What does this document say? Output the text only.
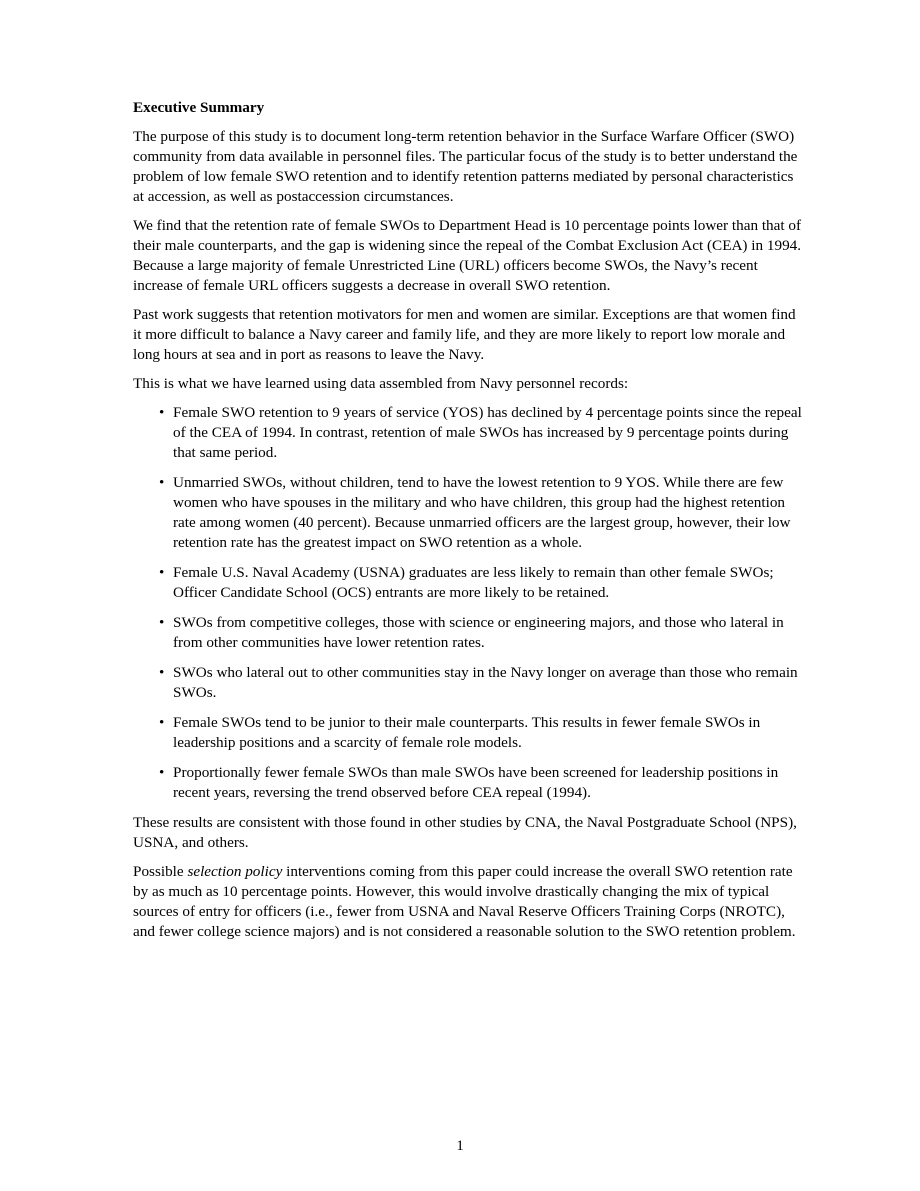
Executive Summary

The purpose of this study is to document long-term retention behavior in the Surface Warfare Officer (SWO) community from data available in personnel files. The particular focus of the study is to better understand the problem of low female SWO retention and to identify retention patterns mediated by personal characteristics at accession, as well as postaccession circumstances.

We find that the retention rate of female SWOs to Department Head is 10 percentage points lower than that of their male counterparts, and the gap is widening since the repeal of the Combat Exclusion Act (CEA) in 1994. Because a large majority of female Unrestricted Line (URL) officers become SWOs, the Navy’s recent increase of female URL officers suggests a decrease in overall SWO retention.

Past work suggests that retention motivators for men and women are similar. Exceptions are that women find it more difficult to balance a Navy career and family life, and they are more likely to report low morale and long hours at sea and in port as reasons to leave the Navy.

This is what we have learned using data assembled from Navy personnel records:

• Female SWO retention to 9 years of service (YOS) has declined by 4 percentage points since the repeal of the CEA of 1994. In contrast, retention of male SWOs has increased by 9 percentage points during that same period.
• Unmarried SWOs, without children, tend to have the lowest retention to 9 YOS. While there are few women who have spouses in the military and who have children, this group had the highest retention rate among women (40 percent). Because unmarried officers are the largest group, however, their low retention rate has the greatest impact on SWO retention as a whole.
• Female U.S. Naval Academy (USNA) graduates are less likely to remain than other female SWOs; Officer Candidate School (OCS) entrants are more likely to be retained.
• SWOs from competitive colleges, those with science or engineering majors, and those who lateral in from other communities have lower retention rates.
• SWOs who lateral out to other communities stay in the Navy longer on average than those who remain SWOs.
• Female SWOs tend to be junior to their male counterparts. This results in fewer female SWOs in leadership positions and a scarcity of female role models.
• Proportionally fewer female SWOs than male SWOs have been screened for leadership positions in recent years, reversing the trend observed before CEA repeal (1994).

These results are consistent with those found in other studies by CNA, the Naval Postgraduate School (NPS), USNA, and others.

Possible selection policy interventions coming from this paper could increase the overall SWO retention rate by as much as 10 percentage points. However, this would involve drastically changing the mix of typical sources of entry for officers (i.e., fewer from USNA and Naval Reserve Officers Training Corps (NROTC), and fewer college science majors) and is not considered a reasonable solution to the SWO retention problem.

1
